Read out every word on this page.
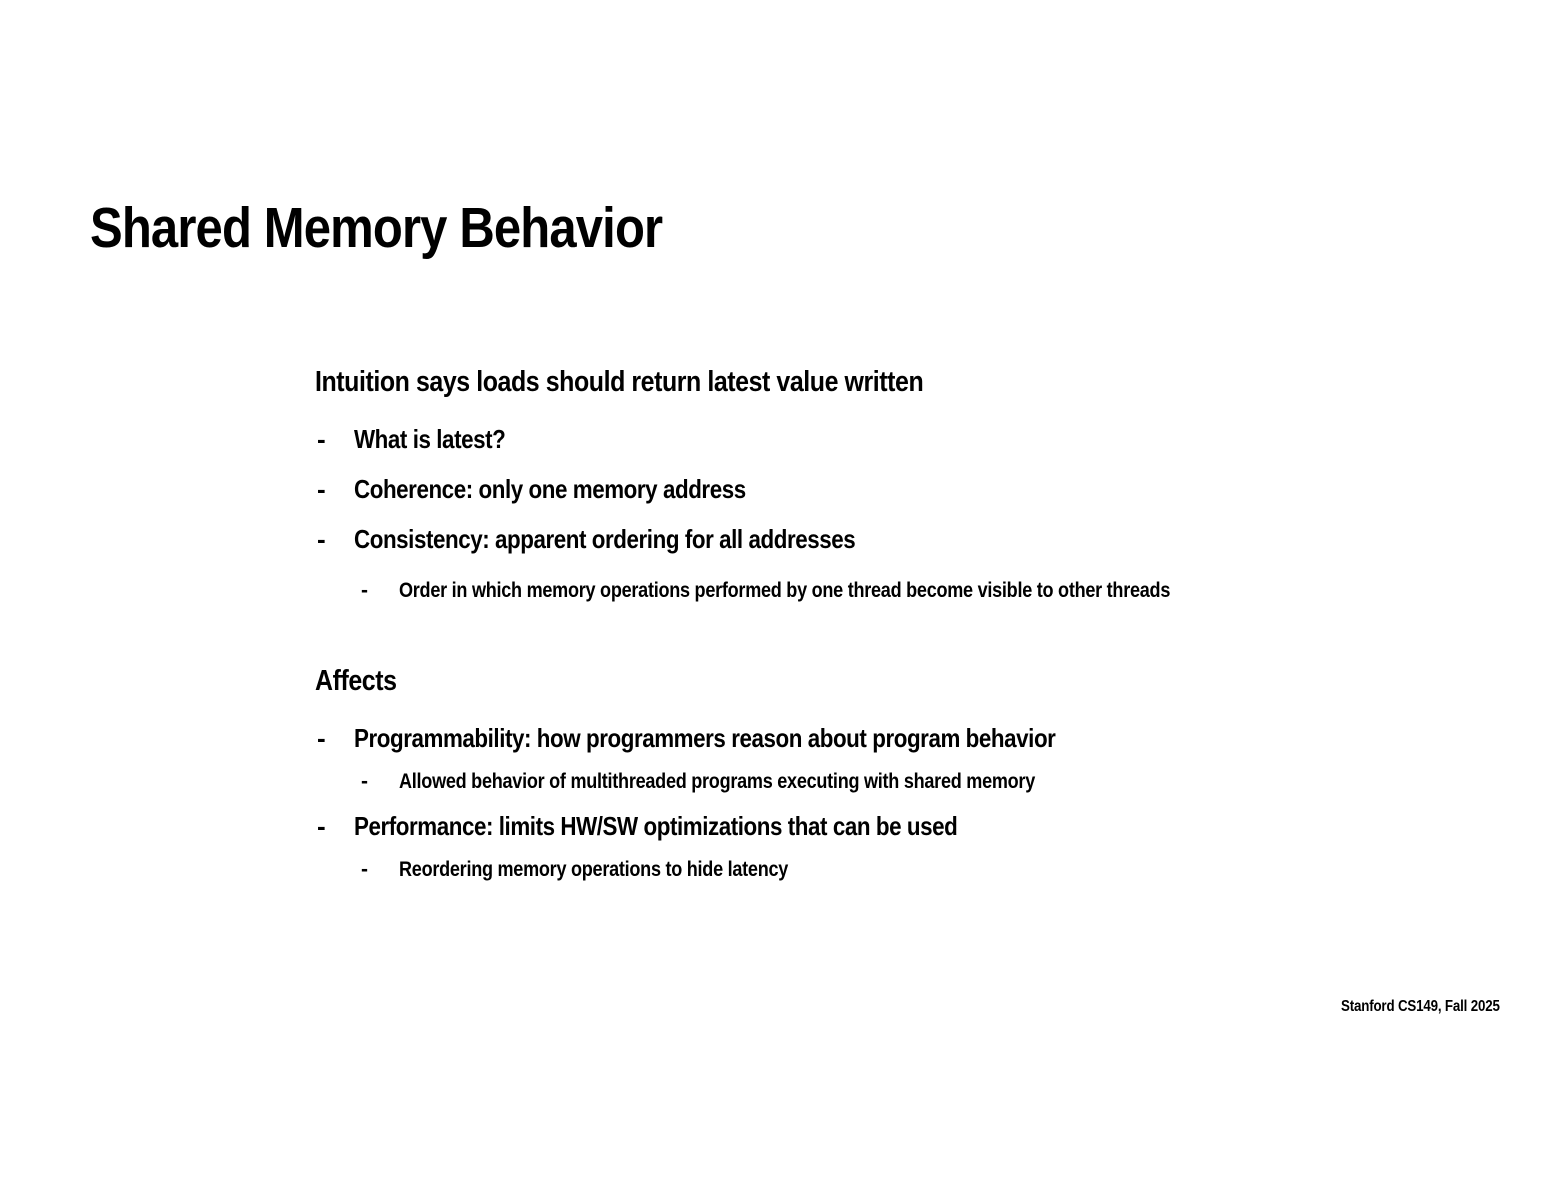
Shared Memory Behavior
Intuition says loads should return latest value written
-	What is latest?
-	Coherence: only one memory address
-	Consistency: apparent ordering for all addresses
-	Order in which memory operations performed by one thread become visible to other threads
Affects
-	Programmability: how programmers reason about program behavior
-	Allowed behavior of multithreaded programs executing with shared memory
-	Performance: limits HW/SW optimizations that can be used
-	Reordering memory operations to hide latency
Stanford CS149, Fall 2025
